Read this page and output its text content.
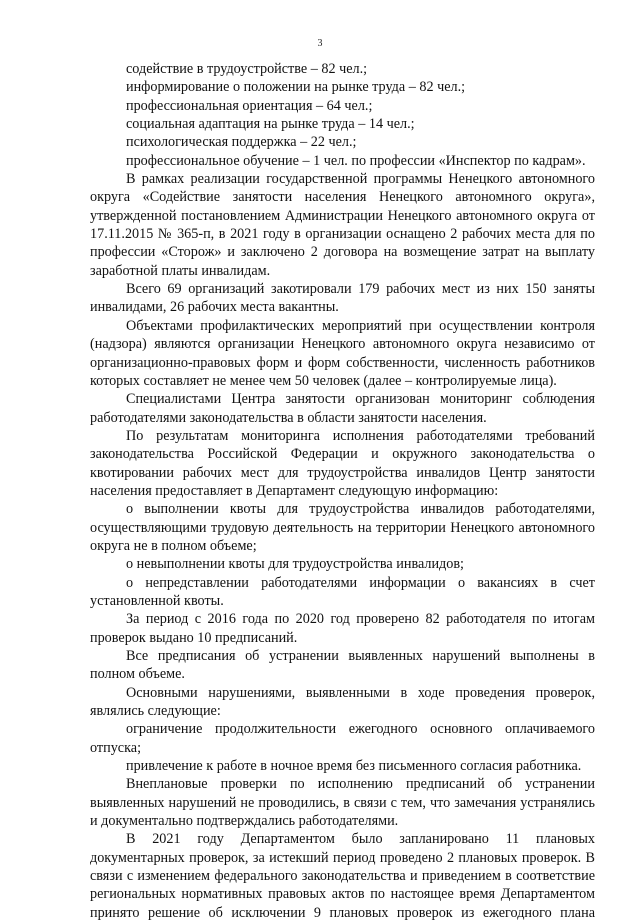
3

содействие в трудоустройстве – 82 чел.;

информирование о положении на рынке труда – 82 чел.;

профессиональная ориентация – 64 чел.;

социальная адаптация на рынке труда – 14 чел.;

психологическая поддержка – 22 чел.;

профессиональное обучение – 1 чел. по профессии «Инспектор по кадрам».

В рамках реализации государственной программы Ненецкого автономного округа «Содействие занятости населения Ненецкого автономного округа», утвержденной постановлением Администрации Ненецкого автономного округа от 17.11.2015 № 365-п, в 2021 году в организации оснащено 2 рабочих места для по профессии «Сторож» и заключено 2 договора на возмещение затрат на выплату заработной платы инвалидам.

Всего 69 организаций закотировали 179 рабочих мест из них 150 заняты инвалидами, 26 рабочих места вакантны.

Объектами профилактических мероприятий при осуществлении контроля (надзора) являются организации Ненецкого автономного округа независимо от организационно-правовых форм и форм собственности, численность работников которых составляет не менее чем 50 человек (далее – контролируемые лица).

Специалистами Центра занятости организован мониторинг соблюдения работодателями законодательства в области занятости населения.

По результатам мониторинга исполнения работодателями требований законодательства Российской Федерации и окружного законодательства о квотировании рабочих мест для трудоустройства инвалидов Центр занятости населения предоставляет в Департамент следующую информацию:

о выполнении квоты для трудоустройства инвалидов работодателями, осуществляющими трудовую деятельность на территории Ненецкого автономного округа не в полном объеме;

о невыполнении квоты для трудоустройства инвалидов;

о непредставлении работодателями информации о вакансиях в счет установленной квоты.

За период с 2016 года по 2020 год проверено 82 работодателя по итогам проверок выдано 10 предписаний.

Все предписания об устранении выявленных нарушений выполнены в полном объеме.

Основными нарушениями, выявленными в ходе проведения проверок, являлись следующие:

ограничение продолжительности ежегодного основного оплачиваемого отпуска;

привлечение к работе в ночное время без письменного согласия работника.

Внеплановые проверки по исполнению предписаний об устранении выявленных нарушений не проводились, в связи с тем, что замечания устранялись и документально подтверждались работодателями.

В 2021 году Департаментом было запланировано 11 плановых документарных проверок, за истекший период проведено 2 плановых проверок. В связи с изменением федерального законодательства и приведением в соответствие региональных нормативных правовых актов по настоящее время Департаментом принято решение об исключении 9 плановых проверок из ежегодного плана
